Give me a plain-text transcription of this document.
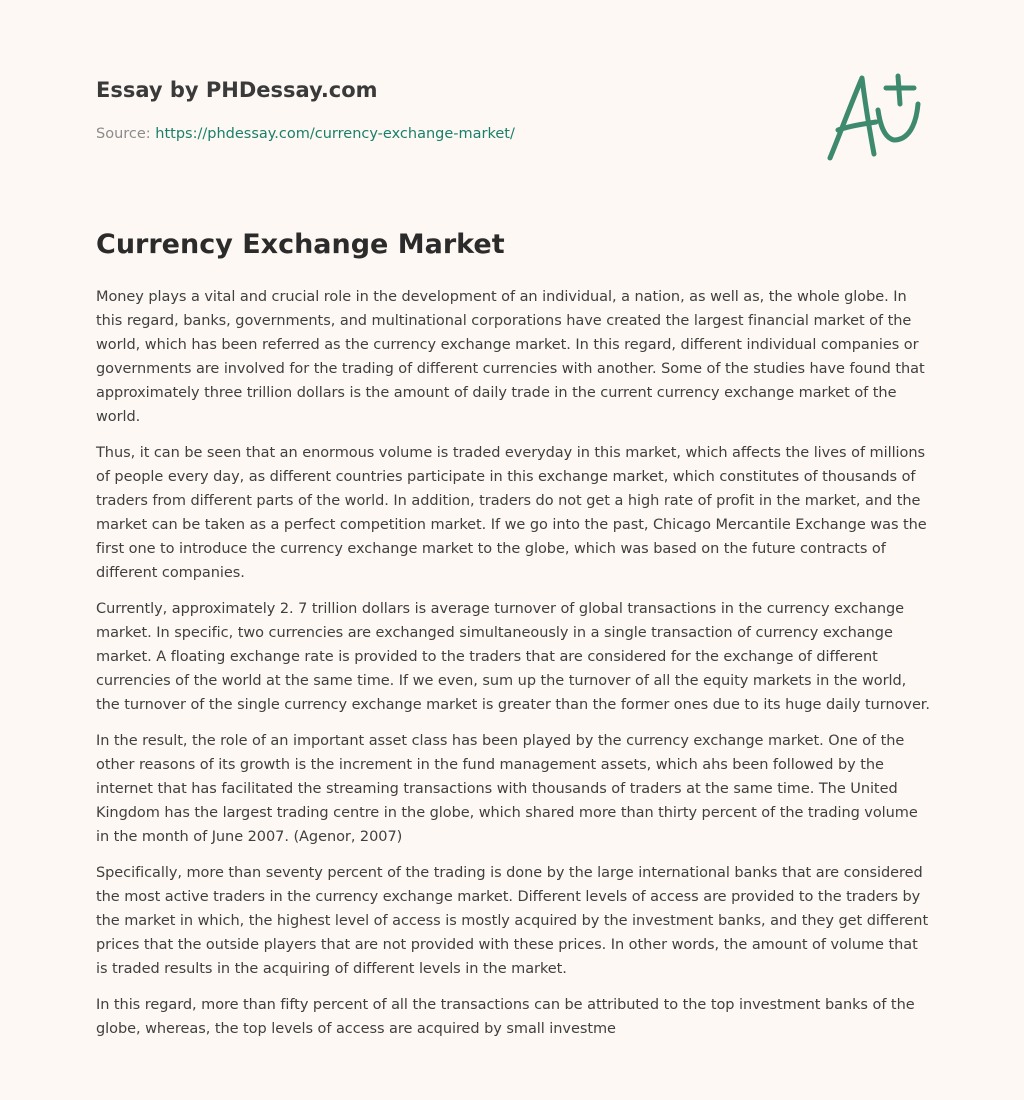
Essay by PHDessay.com
Source: https://phdessay.com/currency-exchange-market/
Currency Exchange Market

Money plays a vital and crucial role in the development of an individual, a nation, as well as, the whole globe. In this regard, banks, governments, and multinational corporations have created the largest financial market of the world, which has been referred as the currency exchange market. In this regard, different individual companies or governments are involved for the trading of different currencies with another. Some of the studies have found that approximately three trillion dollars is the amount of daily trade in the current currency exchange market of the world.

Thus, it can be seen that an enormous volume is traded everyday in this market, which affects the lives of millions of people every day, as different countries participate in this exchange market, which constitutes of thousands of traders from different parts of the world. In addition, traders do not get a high rate of profit in the market, and the market can be taken as a perfect competition market. If we go into the past, Chicago Mercantile Exchange was the first one to introduce the currency exchange market to the globe, which was based on the future contracts of different companies.

Currently, approximately 2. 7 trillion dollars is average turnover of global transactions in the currency exchange market. In specific, two currencies are exchanged simultaneously in a single transaction of currency exchange market. A floating exchange rate is provided to the traders that are considered for the exchange of different currencies of the world at the same time. If we even, sum up the turnover of all the equity markets in the world, the turnover of the single currency exchange market is greater than the former ones due to its huge daily turnover.

In the result, the role of an important asset class has been played by the currency exchange market. One of the other reasons of its growth is the increment in the fund management assets, which ahs been followed by the internet that has facilitated the streaming transactions with thousands of traders at the same time. The United Kingdom has the largest trading centre in the globe, which shared more than thirty percent of the trading volume in the month of June 2007. (Agenor, 2007)

Specifically, more than seventy percent of the trading is done by the large international banks that are considered the most active traders in the currency exchange market. Different levels of access are provided to the traders by the market in which, the highest level of access is mostly acquired by the investment banks, and they get different prices that the outside players that are not provided with these prices. In other words, the amount of volume that is traded results in the acquiring of different levels in the market.

In this regard, more than fifty percent of all the transactions can be attributed to the top investment banks of the globe, whereas, the top levels of access are acquired by small investme
